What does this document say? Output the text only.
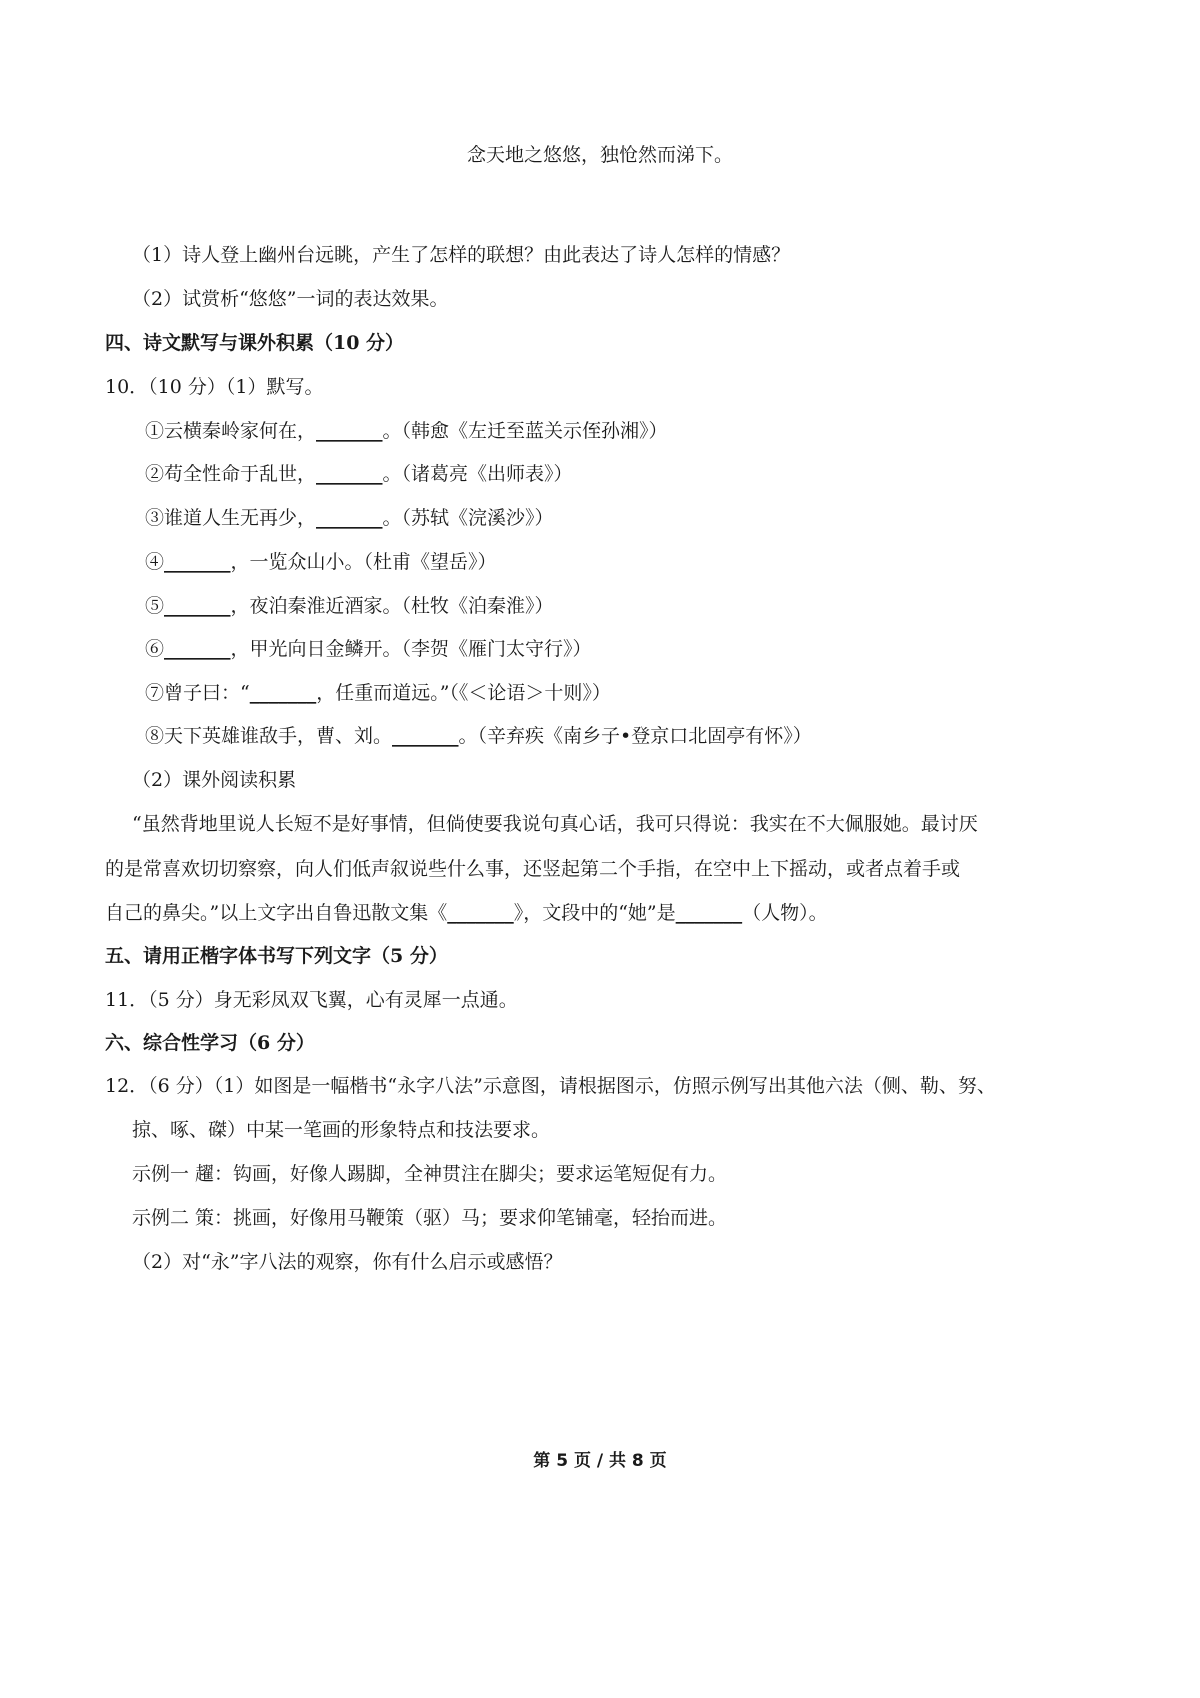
念天地之悠悠，独怆然而涕下。
（1）诗人登上幽州台远眺，产生了怎样的联想？由此表达了诗人怎样的情感？
（2）试赏析“悠悠”一词的表达效果。
四、诗文默写与课外积累（10 分）
10．（10 分）（1）默写。
①云横秦岭家何在，_______。（韩愈《左迁至蓝关示侄孙湘》）
②苟全性命于乱世，_______。（诸葛亮《出师表》）
③谁道人生无再少，_______。（苏轼《浣溪沙》）
④_______，一览众山小。（杜甫《望岳》）
⑤_______，夜泊秦淮近酒家。（杜牧《泊秦淮》）
⑥_______，甲光向日金鳞开。（李贺《雁门太守行》）
⑦曾子曰：“_______，任重而道远。”（《＜论语＞十则》）
⑧天下英雄谁敌手，曹、刘。_______。（辛弃疾《南乡子•登京口北固亭有怀》）
（2）课外阅读积累
“虽然背地里说人长短不是好事情，但倘使要我说句真心话，我可只得说：我实在不大佩服她。最讨厌
的是常喜欢切切察察，向人们低声叙说些什么事，还竖起第二个手指，在空中上下摇动，或者点着手或
自己的鼻尖。”以上文字出自鲁迅散文集《_______》，文段中的“她”是_______（人物）。
五、请用正楷字体书写下列文字（5 分）
11．（5 分）身无彩凤双飞翼，心有灵犀一点通。
六、综合性学习（6 分）
12．（6 分）（1）如图是一幅楷书“永字八法”示意图，请根据图示，仿照示例写出其他六法（侧、勒、努、
掠、啄、磔）中某一笔画的形象特点和技法要求。
示例一 趯：钩画，好像人踢脚，全神贯注在脚尖；要求运笔短促有力。
示例二 策：挑画，好像用马鞭策（驱）马；要求仰笔铺毫，轻抬而进。
（2）对“永”字八法的观察，你有什么启示或感悟？
第 5 页 / 共 8 页
